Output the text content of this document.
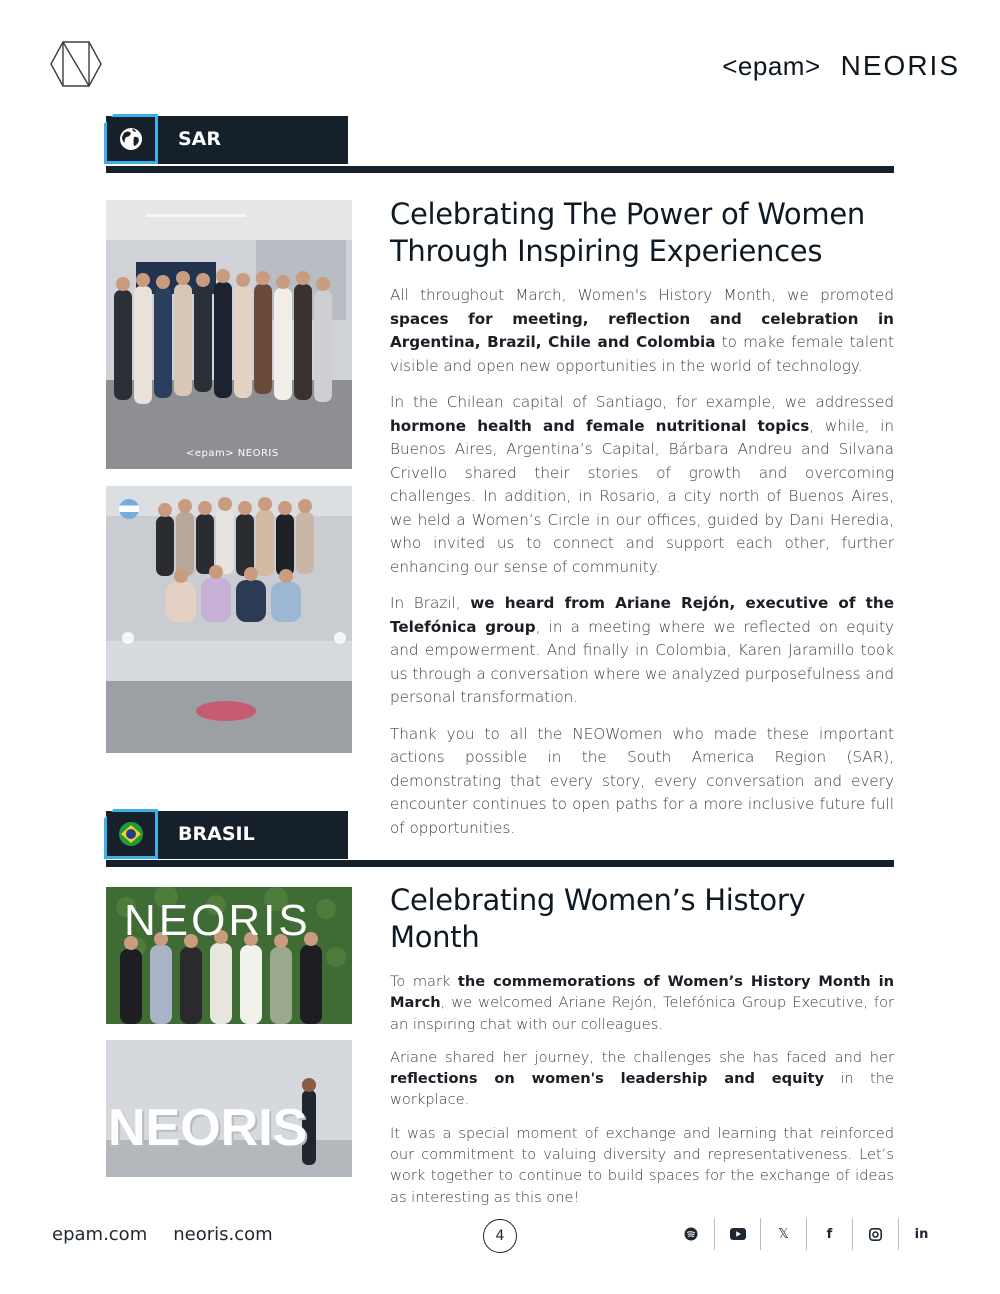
<epam> NEORIS
SAR
<epam> NEORIS
Celebrating The Power of Women
Through Inspiring Experiences

All throughout March, Women's History Month, we promoted spaces for meeting, reflection and celebration in Argentina, Brazil, Chile and Colombia to make female talent visible and open new opportunities in the world of technology.

In the Chilean capital of Santiago, for example, we addressed hormone health and female nutritional topics, while, in Buenos Aires, Argentina’s Capital, Bárbara Andreu and Silvana Crivello shared their stories of growth and overcoming challenges. In addition, in Rosario, a city north of Buenos Aires, we held a Women’s Circle in our offices, guided by Dani Heredia, who invited us to connect and support each other, further enhancing our sense of community.

In Brazil, we heard from Ariane Rejón, executive of the Telefónica group, in a meeting where we reflected on equity and empowerment. And finally in Colombia, Karen Jaramillo took us through a conversation where we analyzed purposefulness and personal transformation.

Thank you to all the NEOWomen who made these important actions possible in the South America Region (SAR), demonstrating that every story, every conversation and every encounter continues to open paths for a more inclusive future full of opportunities.

BRASIL
NEORIS
NEORIS
Celebrating Women’s History
Month

To mark the commemorations of Women’s History Month in March, we welcomed Ariane Rejón, Telefónica Group Executive, for an inspiring chat with our colleagues.

Ariane shared her journey, the challenges she has faced and her reflections on women's leadership and equity in the workplace.

It was a special moment of exchange and learning that reinforced our commitment to valuing diversity and representativeness. Let’s work together to continue to build spaces for the exchange of ideas as interesting as this one!

epam.com neoris.com	4	𝕏	f	in
